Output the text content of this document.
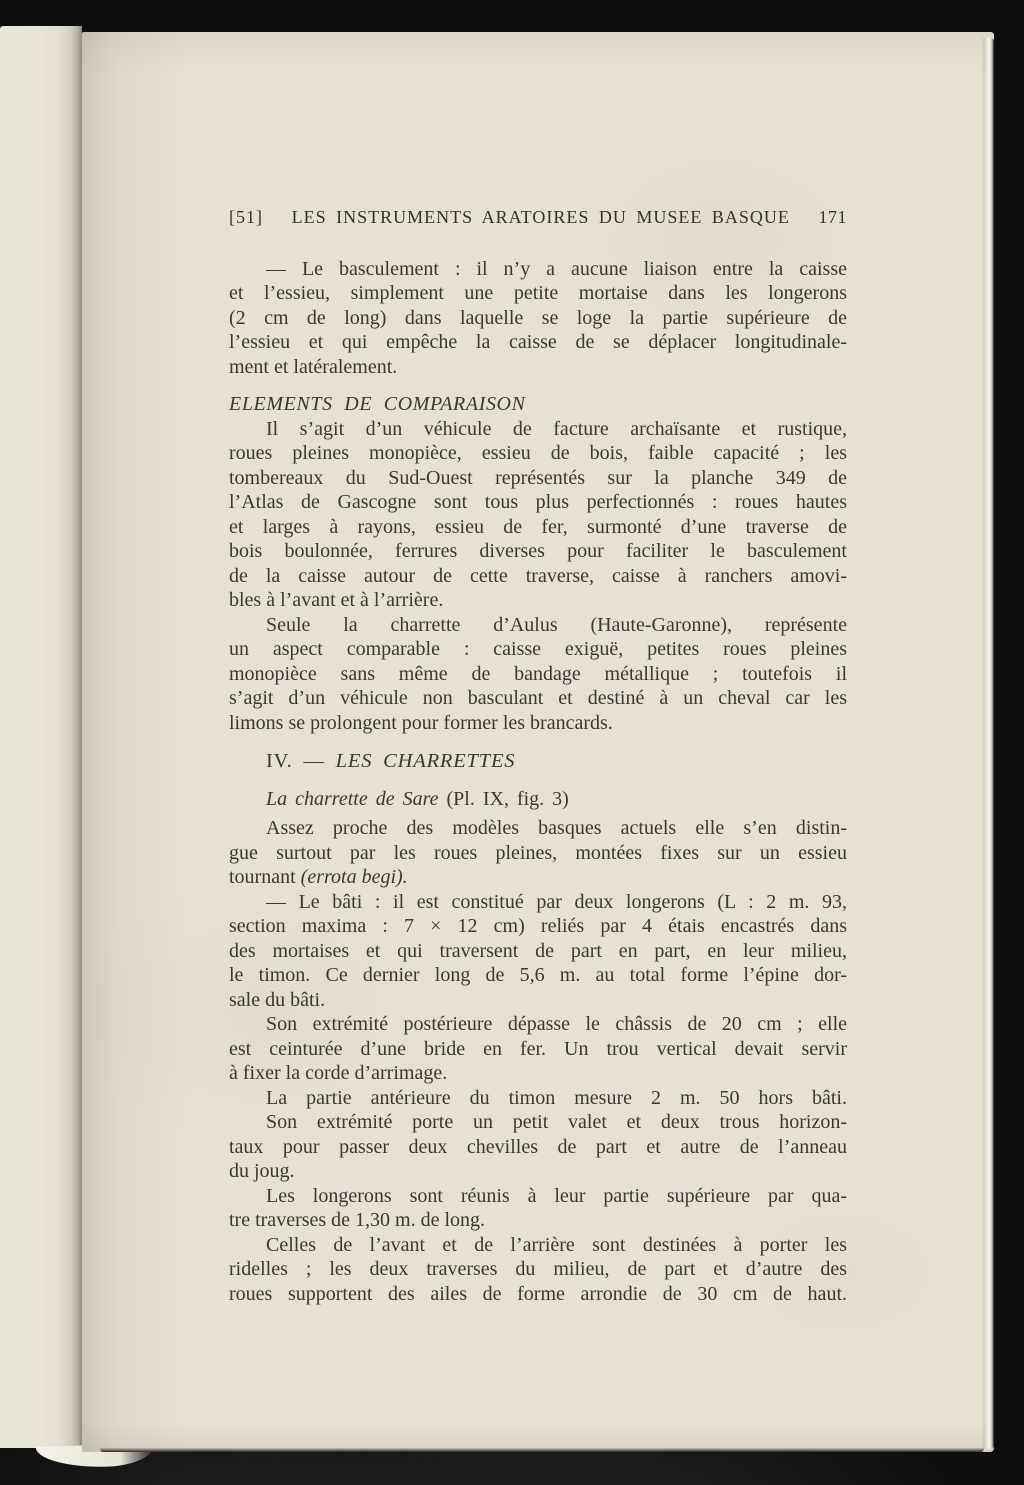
[51]	LES INSTRUMENTS ARATOIRES DU MUSEE BASQUE	171
— Le basculement : il n’y a aucune liaison entre la caisse
et l’essieu, simplement une petite mortaise dans les longerons
(2 cm de long) dans laquelle se loge la partie supérieure de
l’essieu et qui empêche la caisse de se déplacer longitudinale-
ment et latéralement.
ELEMENTS DE COMPARAISON
Il s’agit d’un véhicule de facture archaïsante et rustique,
roues pleines monopièce, essieu de bois, faible capacité ; les
tombereaux du Sud-Ouest représentés sur la planche 349 de
l’Atlas de Gascogne sont tous plus perfectionnés : roues hautes
et larges à rayons, essieu de fer, surmonté d’une traverse de
bois boulonnée, ferrures diverses pour faciliter le basculement
de la caisse autour de cette traverse, caisse à ranchers amovi-
bles à l’avant et à l’arrière.
Seule la charrette d’Aulus (Haute-Garonne), représente
un aspect comparable : caisse exiguë, petites roues pleines
monopièce sans même de bandage métallique ; toutefois il
s’agit d’un véhicule non basculant et destiné à un cheval car les
limons se prolongent pour former les brancards.
IV. — LES CHARRETTES
La charrette de Sare (Pl. IX, fig. 3)
Assez proche des modèles basques actuels elle s’en distin-
gue surtout par les roues pleines, montées fixes sur un essieu
tournant (errota begi).
— Le bâti : il est constitué par deux longerons (L : 2 m. 93,
section maxima : 7 × 12 cm) reliés par 4 étais encastrés dans
des mortaises et qui traversent de part en part, en leur milieu,
le timon. Ce dernier long de 5,6 m. au total forme l’épine dor-
sale du bâti.
Son extrémité postérieure dépasse le châssis de 20 cm ; elle
est ceinturée d’une bride en fer. Un trou vertical devait servir
à fixer la corde d’arrimage.
La partie antérieure du timon mesure 2 m. 50 hors bâti.
Son extrémité porte un petit valet et deux trous horizon-
taux pour passer deux chevilles de part et autre de l’anneau
du joug.
Les longerons sont réunis à leur partie supérieure par qua-
tre traverses de 1,30 m. de long.
Celles de l’avant et de l’arrière sont destinées à porter les
ridelles ; les deux traverses du milieu, de part et d’autre des
roues supportent des ailes de forme arrondie de 30 cm de haut.
